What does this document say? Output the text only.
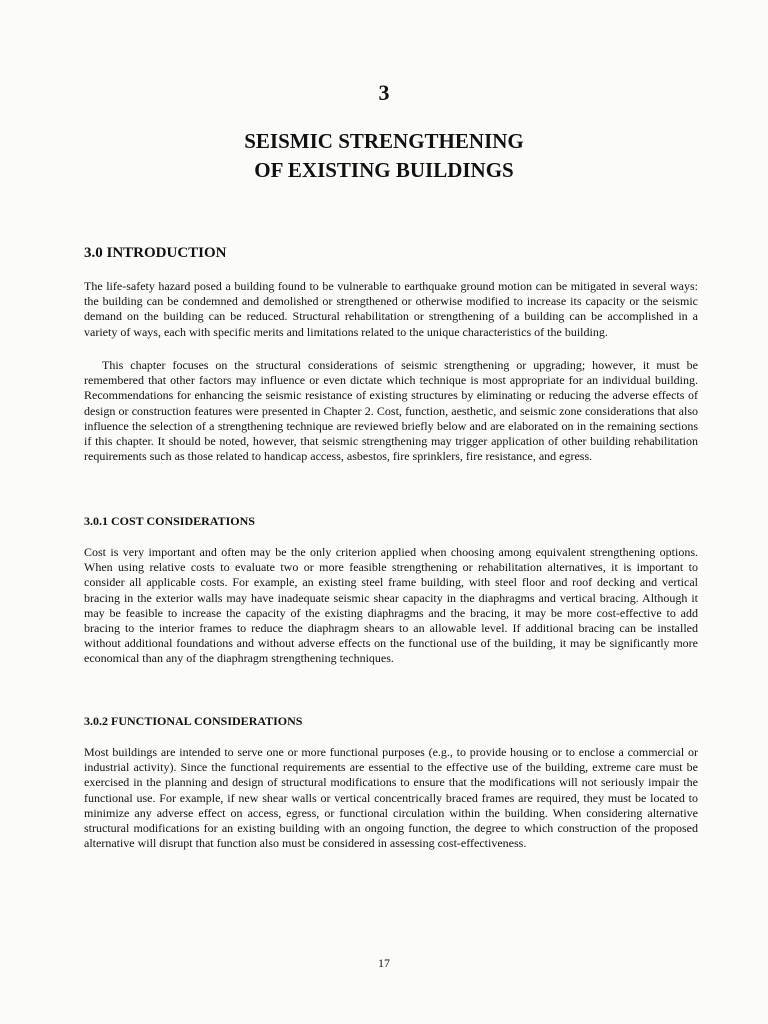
3
SEISMIC STRENGTHENING
OF EXISTING BUILDINGS
3.0 INTRODUCTION

The life-safety hazard posed a building found to be vulnerable to earthquake ground motion can be mitigated in several ways: the building can be condemned and demolished or strengthened or otherwise modified to increase its capacity or the seismic demand on the building can be reduced. Structural rehabilitation or strengthening of a building can be accomplished in a variety of ways, each with specific merits and limitations related to the unique characteristics of the building.

This chapter focuses on the structural considerations of seismic strengthening or upgrading; however, it must be remembered that other factors may influence or even dictate which technique is most appropriate for an individual building. Recommendations for enhancing the seismic resistance of existing structures by eliminating or reducing the adverse effects of design or construction features were presented in Chapter 2. Cost, function, aesthetic, and seismic zone considerations that also influence the selection of a strengthening technique are reviewed briefly below and are elaborated on in the remaining sections if this chapter. It should be noted, however, that seismic strengthening may trigger application of other building rehabilitation requirements such as those related to handicap access, asbestos, fire sprinklers, fire resistance, and egress.

3.0.1 COST CONSIDERATIONS

Cost is very important and often may be the only criterion applied when choosing among equivalent strengthening options. When using relative costs to evaluate two or more feasible strengthening or rehabilitation alternatives, it is important to consider all applicable costs. For example, an existing steel frame building, with steel floor and roof decking and vertical bracing in the exterior walls may have inadequate seismic shear capacity in the diaphragms and vertical bracing. Although it may be feasible to increase the capacity of the existing diaphragms and the bracing, it may be more cost-effective to add bracing to the interior frames to reduce the diaphragm shears to an allowable level. If additional bracing can be installed without additional foundations and without adverse effects on the functional use of the building, it may be significantly more economical than any of the diaphragm strengthening techniques.

3.0.2 FUNCTIONAL CONSIDERATIONS

Most buildings are intended to serve one or more functional purposes (e.g., to provide housing or to enclose a commercial or industrial activity). Since the functional requirements are essential to the effective use of the building, extreme care must be exercised in the planning and design of structural modifications to ensure that the modifications will not seriously impair the functional use. For example, if new shear walls or vertical concentrically braced frames are required, they must be located to minimize any adverse effect on access, egress, or functional circulation within the building. When considering alternative structural modifications for an existing building with an ongoing function, the degree to which construction of the proposed alternative will disrupt that function also must be considered in assessing cost-effectiveness.

17
